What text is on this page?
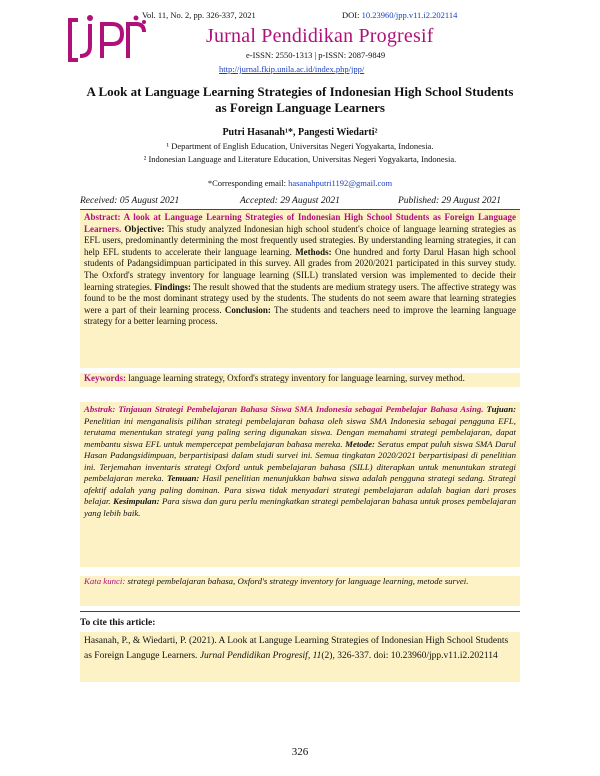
Vol. 11, No. 2, pp. 326-337, 2021	DOI: 10.23960/jpp.v11.i2.202114
Jurnal Pendidikan Progresif
e-ISSN: 2550-1313 | p-ISSN: 2087-9849
http://jurnal.fkip.unila.ac.id/index.php/jpp/
A Look at Language Learning Strategies of Indonesian High School Students as Foreign Language Learners
Putri Hasanah¹*, Pangesti Wiedarti²
¹ Department of English Education, Universitas Negeri Yogyakarta, Indonesia.
² Indonesian Language and Literature Education, Universitas Negeri Yogyakarta, Indonesia.
*Corresponding email: hasanahputri1192@gmail.com
Received: 05 August 2021	Accepted: 29 August 2021	Published: 29 August 2021
Abstract: A look at Language Learning Strategies of Indonesian High School Students as Foreign Language Learners. Objective: This study analyzed Indonesian high school student's choice of language learning strategies as EFL users, predominantly determining the most frequently used strategies. By understanding learning strategies, it can help EFL students to accelerate their language learning. Methods: One hundred and forty Darul Hasan high school students of Padangsidimpuan participated in this survey. All grades from 2020/2021 participated in this survey study. The Oxford's strategy inventory for language learning (SILL) translated version was implemented to decide their learning strategies. Findings: The result showed that the students are medium strategy users. The affective strategy was found to be the most dominant strategy used by the students. The students do not seem aware that learning strategies were a part of their learning process. Conclusion: The students and teachers need to improve the learning language strategy for a better learning process.
Keywords: language learning strategy, Oxford's strategy inventory for language learning, survey method.
Abstrak: Tinjauan Strategi Pembelajaran Bahasa Siswa SMA Indonesia sebagai Pembelajar Bahasa Asing. Tujuan: Penelitian ini menganalisis pilihan strategi pembelajaran bahasa oleh siswa SMA Indonesia sebagai pengguna EFL, terutama menentukan strategi yang paling sering digunakan siswa. Dengan memahami strategi pembelajaran, dapat membantu siswa EFL untuk mempercepat pembelajaran bahasa mereka. Metode: Seratus empat puluh siswa SMA Darul Hasan Padangsidimpuan, berpartisipasi dalam studi survei ini. Semua tingkatan 2020/2021 berpartisipasi di penelitian ini. Terjemahan inventaris strategi Oxford untuk pembelajaran bahasa (SILL) diterapkan untuk menuntukan strategi pembelajaran mereka. Temuan: Hasil penelitian menunjukkan bahwa siswa adalah pengguna strategi sedang. Strategi afektif adalah yang paling dominan. Para siswa tidak menyadari strategi pembelajaran adalah bagian dari proses belajar. Kesimpulan: Para siswa dan guru perlu meningkatkan strategi pembelajaran bahasa untuk proses pembelajaran yang lebih baik.
Kata kunci: strategi pembelajaran bahasa, Oxford's strategy inventory for language learning, metode survei.
To cite this article:
Hasanah, P., & Wiedarti, P. (2021). A Look at Languge Learning Strategies of Indonesian High School Students as Foreign Languge Learners. Jurnal Pendidikan Progresif, 11(2), 326-337. doi: 10.23960/jpp.v11.i2.202114
326
